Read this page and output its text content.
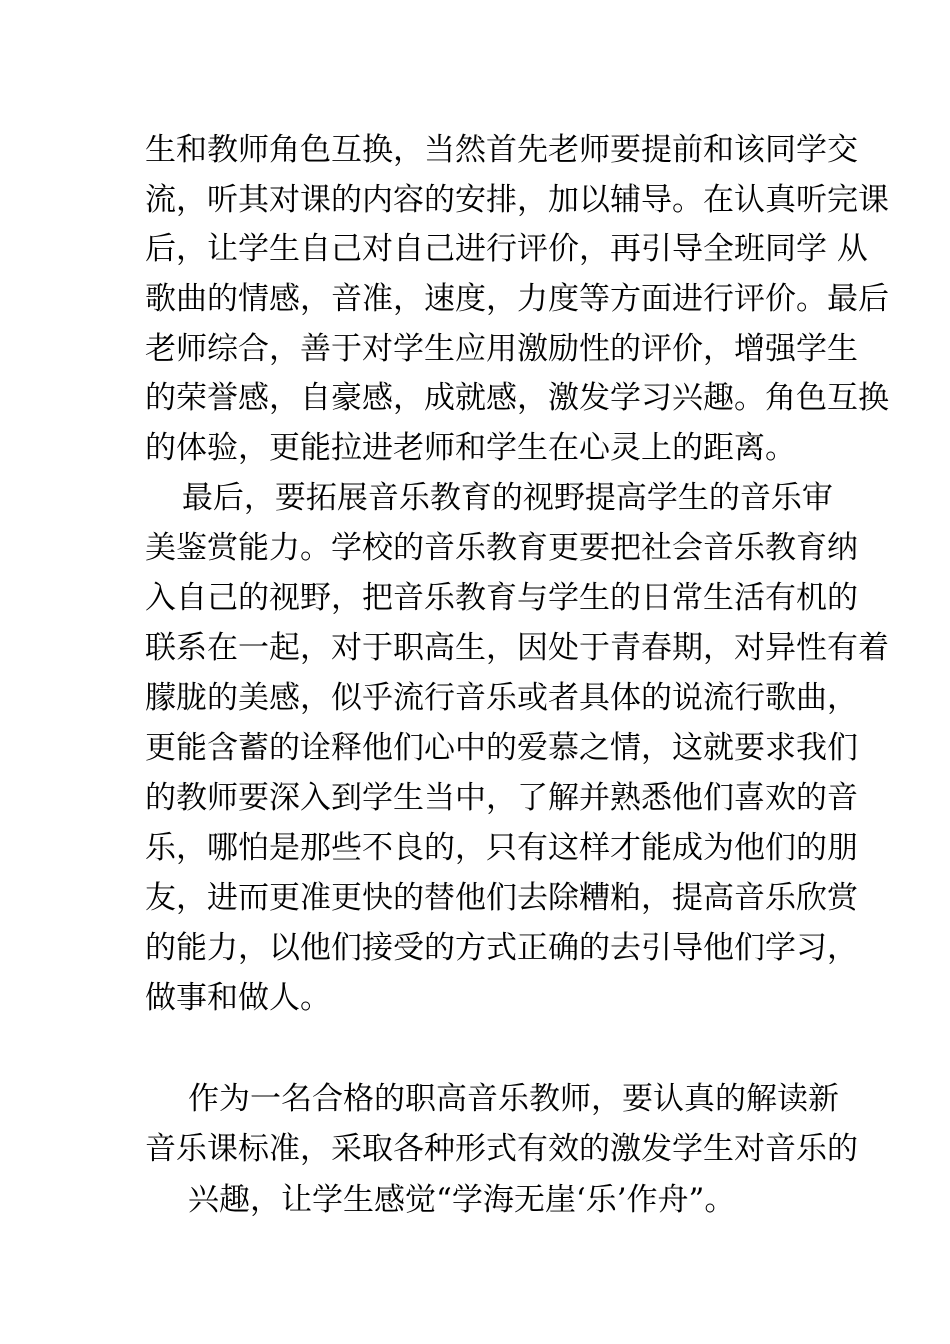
生和教师角色互换，当然首先老师要提前和该同学交
流，听其对课的内容的安排，加以辅导。在认真听完课
后，让学生自己对自己进行评价，再引导全班同学 从
歌曲的情感，音准，速度，力度等方面进行评价。最后
老师综合，善于对学生应用激励性的评价，增强学生
的荣誉感，自豪感，成就感，激发学习兴趣。角色互换
的体验，更能拉进老师和学生在心灵上的距离。
最后，要拓展音乐教育的视野提高学生的音乐审
美鉴赏能力。学校的音乐教育更要把社会音乐教育纳
入自己的视野，把音乐教育与学生的日常生活有机的
联系在一起，对于职高生，因处于青春期，对异性有着
朦胧的美感，似乎流行音乐或者具体的说流行歌曲，
更能含蓄的诠释他们心中的爱慕之情，这就要求我们
的教师要深入到学生当中，了解并熟悉他们喜欢的音
乐，哪怕是那些不良的，只有这样才能成为他们的朋
友，进而更准更快的替他们去除糟粕，提高音乐欣赏
的能力，以他们接受的方式正确的去引导他们学习，
做事和做人。
作为一名合格的职高音乐教师，要认真的解读新
音乐课标准，采取各种形式有效的激发学生对音乐的
兴趣，让学生感觉“学海无崖‘乐’作舟”。
